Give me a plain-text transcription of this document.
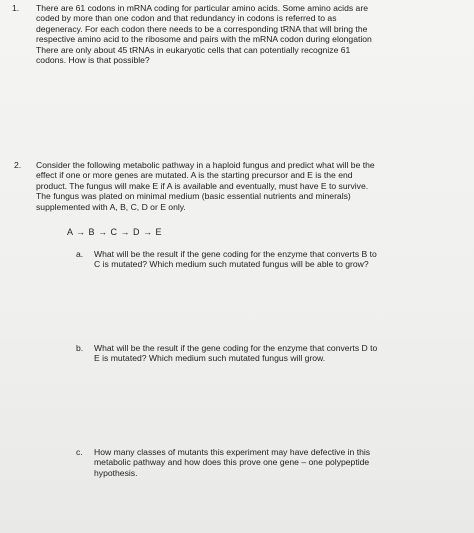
1. There are 61 codons in mRNA coding for particular amino acids. Some amino acids are
coded by more than one codon and that redundancy in codons is referred to as
degeneracy. For each codon there needs to be a corresponding tRNA that will bring the
respective amino acid to the ribosome and pairs with the mRNA codon during elongation
There are only about 45 tRNAs in eukaryotic cells that can potentially recognize 61
codons. How is that possible?
2. Consider the following metabolic pathway in a haploid fungus and predict what will be the
effect if one or more genes are mutated. A is the starting precursor and E is the end
product. The fungus will make E if A is available and eventually, must have E to survive.
The fungus was plated on minimal medium (basic essential nutrients and minerals)
supplemented with A, B, C, D or E only.
A → B → C → D → E
a. What will be the result if the gene coding for the enzyme that converts B to
C is mutated? Which medium such mutated fungus will be able to grow?
b. What will be the result if the gene coding for the enzyme that converts D to
E is mutated? Which medium such mutated fungus will grow.
c. How many classes of mutants this experiment may have defective in this
metabolic pathway and how does this prove one gene – one polypeptide
hypothesis.
